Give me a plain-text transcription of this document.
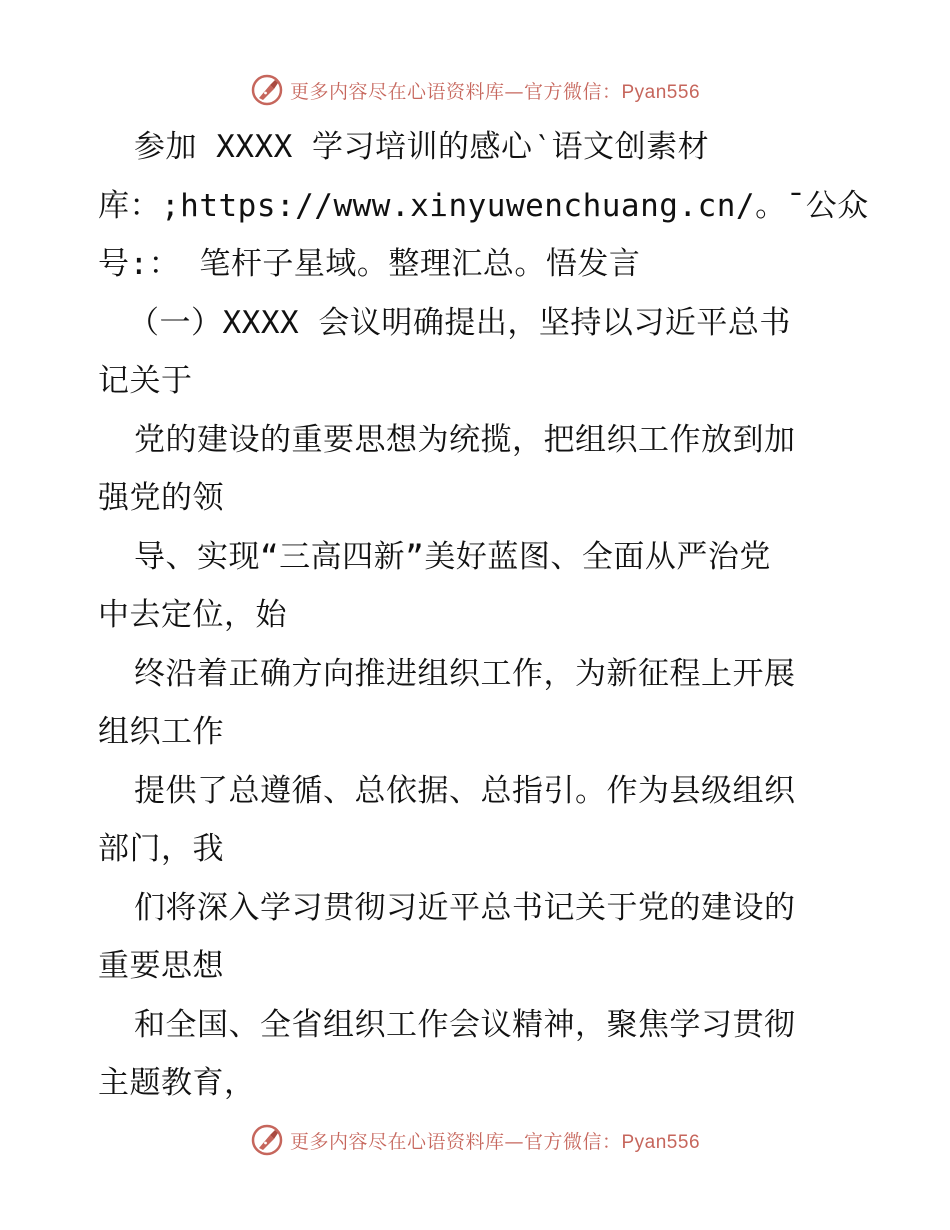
更多内容尽在心语资料库—官方微信：Pyan556
参加 XXXX 学习培训的感心‵语文创素材
库：;https://www.xinyuwenchuang.cn/。¯公众
号:： 笔杆子星域。整理汇总。悟发言
（一）XXXX 会议明确提出，坚持以习近平总书
记关于
党的建设的重要思想为统揽，把组织工作放到加
强党的领
导、实现“三高四新”美好蓝图、全面从严治党
中去定位，始
终沿着正确方向推进组织工作，为新征程上开展
组织工作
提供了总遵循、总依据、总指引。作为县级组织
部门，我
们将深入学习贯彻习近平总书记关于党的建设的
重要思想
和全国、全省组织工作会议精神，聚焦学习贯彻
主题教育，
更多内容尽在心语资料库—官方微信：Pyan556
